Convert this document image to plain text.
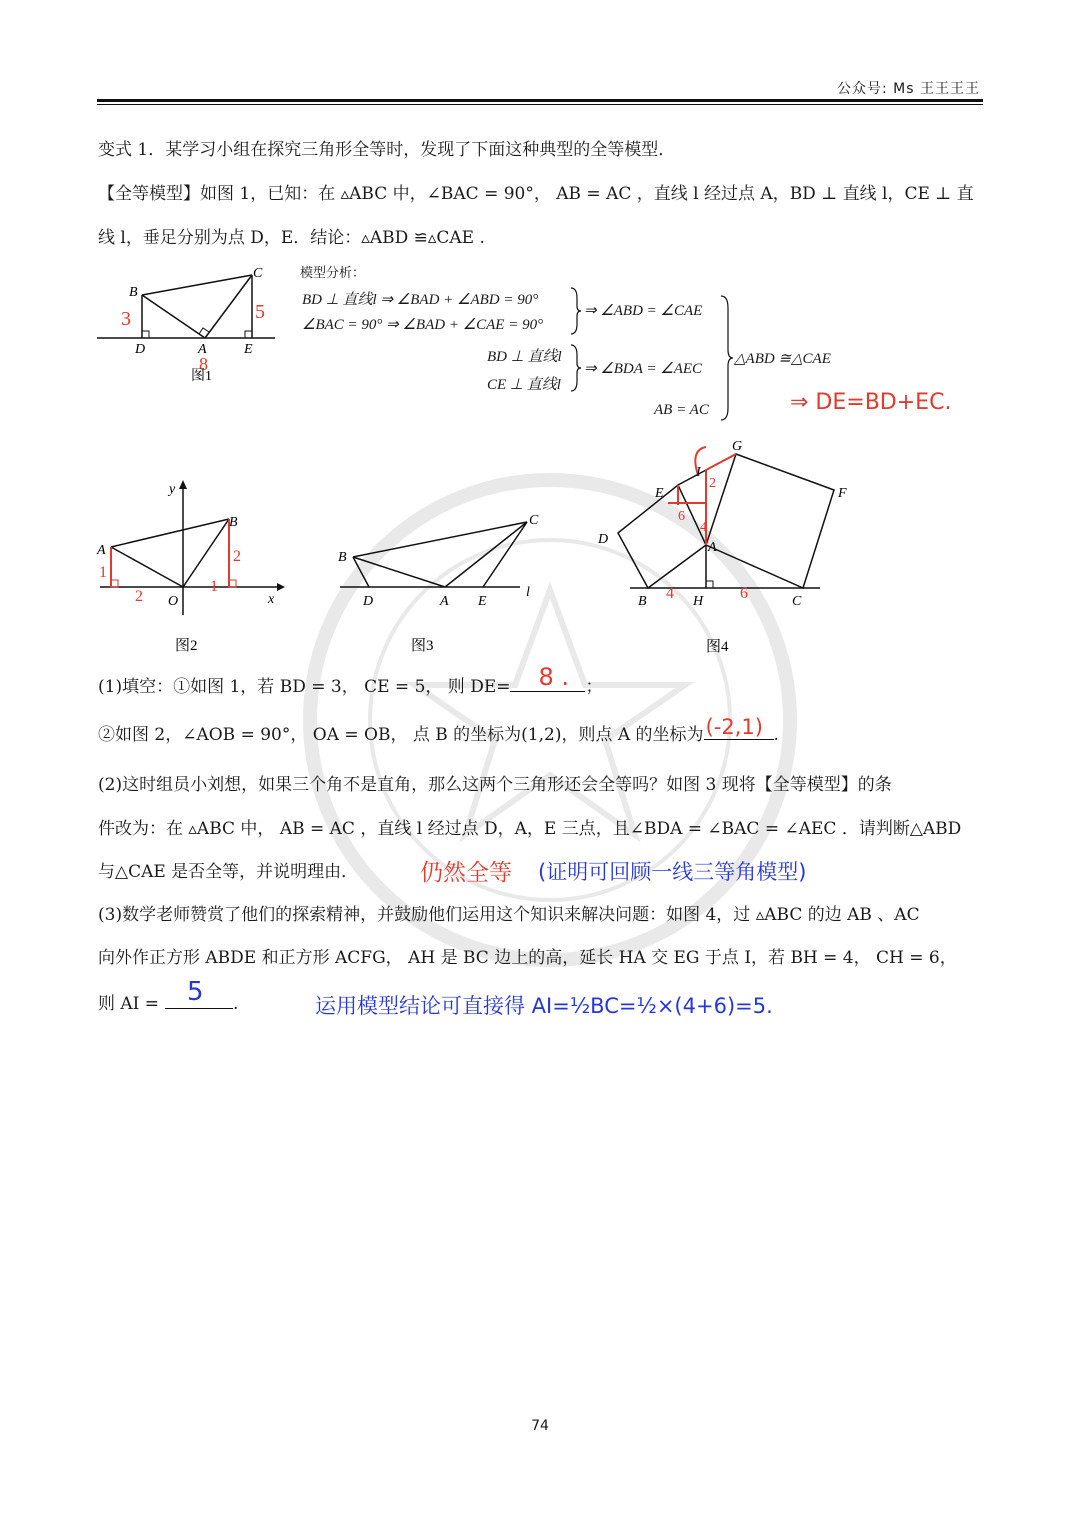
公众号: Ms 王王王王
变式 1．某学习小组在探究三角形全等时，发现了下面这种典型的全等模型．
【全等模型】如图 1，已知：在 ▵ABC 中，∠BAC = 90°， AB = AC ，直线 l 经过点 A，BD ⊥ 直线 l，CE ⊥ 直
线 l，垂足分别为点 D，E．结论：▵ABD ≌▵CAE .
B
C
D	A	E
3	5
8
图1
模型分析：
BD ⊥ 直线l ⇒ ∠BAD + ∠ABD = 90°
∠BAC = 90° ⇒ ∠BAD + ∠CAE = 90°
⇒ ∠ABD = ∠CAE
BD ⊥ 直线l
CE ⊥ 直线l
⇒ ∠BDA = ∠AEC
AB = AC
△ABD ≅△CAE
⇒ DE=BD+EC.
y
A
B
O	x
1
2
2
1
图2
B
C
D	A E
l
图3
G
I
E	F
D
A
B	H	C
2
6
4
4	6
图4
(1)填空：①如图 1，若 BD = 3， CE = 5， 则 DE= 8 . ；
②如图 2，∠AOB = 90°， OA = OB， 点 B 的坐标为(1,2)，则点 A 的坐标为 (-2,1) .
(2)这时组员小刘想，如果三个角不是直角，那么这两个三角形还会全等吗？如图 3 现将【全等模型】的条
件改为：在 ▵ABC 中， AB = AC ，直线 l 经过点 D，A，E 三点，且∠BDA = ∠BAC = ∠AEC ．请判断△ABD
与△CAE 是否全等，并说明理由．	仍然全等 (证明可回顾一线三等角模型)
(3)数学老师赞赏了他们的探索精神，并鼓励他们运用这个知识来解决问题：如图 4，过 ▵ABC 的边 AB 、AC
向外作正方形 ABDE 和正方形 ACFG， AH 是 BC 边上的高，延长 HA 交 EG 于点 I，若 BH = 4， CH = 6，
则 AI = 5 .	运用模型结论可直接得 AI=½BC=½×(4+6)=5.
74
